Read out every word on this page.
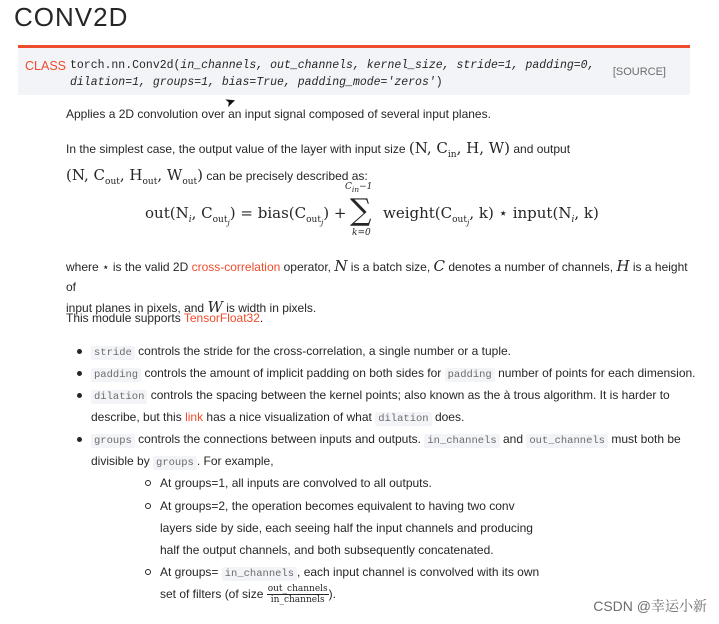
CONV2D
CLASS torch.nn.Conv2d(in_channels, out_channels, kernel_size, stride=1, padding=0,
dilation=1, groups=1, bias=True, padding_mode='zeros')
[SOURCE]
➤
Applies a 2D convolution over an input signal composed of several input planes.
In the simplest case, the output value of the layer with input size (N, $C_{in}$, H, W) and output
(N, $C_{out}$, $H_{out}$, $W_{out}$) can be precisely described as:
$out(N_i$, $C_{out_j}$) = $bias(C_{out_j})$ +
$C_{in}-1$
∑
k=0
$weight(C_{out_j}$, k) ⋆ $input(N_i$, k)
where ⋆ is the valid 2D cross-correlation operator, N is a batch size, C denotes a number of channels, H is a height of
input planes in pixels, and W is width in pixels.
This module supports TensorFloat32.
stride controls the stride for the cross-correlation, a single number or a tuple.
padding controls the amount of implicit padding on both sides for padding number of points for each dimension.
dilation controls the spacing between the kernel points; also known as the à trous algorithm. It is harder to
describe, but this link has a nice visualization of what dilation does.
groups controls the connections between inputs and outputs. in_channels and out_channels must both be
divisible by groups . For example,
At groups=1, all inputs are convolved to all outputs.
At groups=2, the operation becomes equivalent to having two conv
layers side by side, each seeing half the input channels and producing
half the output channels, and both subsequently concatenated.
At groups= in_channels , each input channel is convolved with its own
set of filters (of size $\frac{\text{out\_channels}}{\text{in\_channels}}$ ).
CSDN @幸运小新
